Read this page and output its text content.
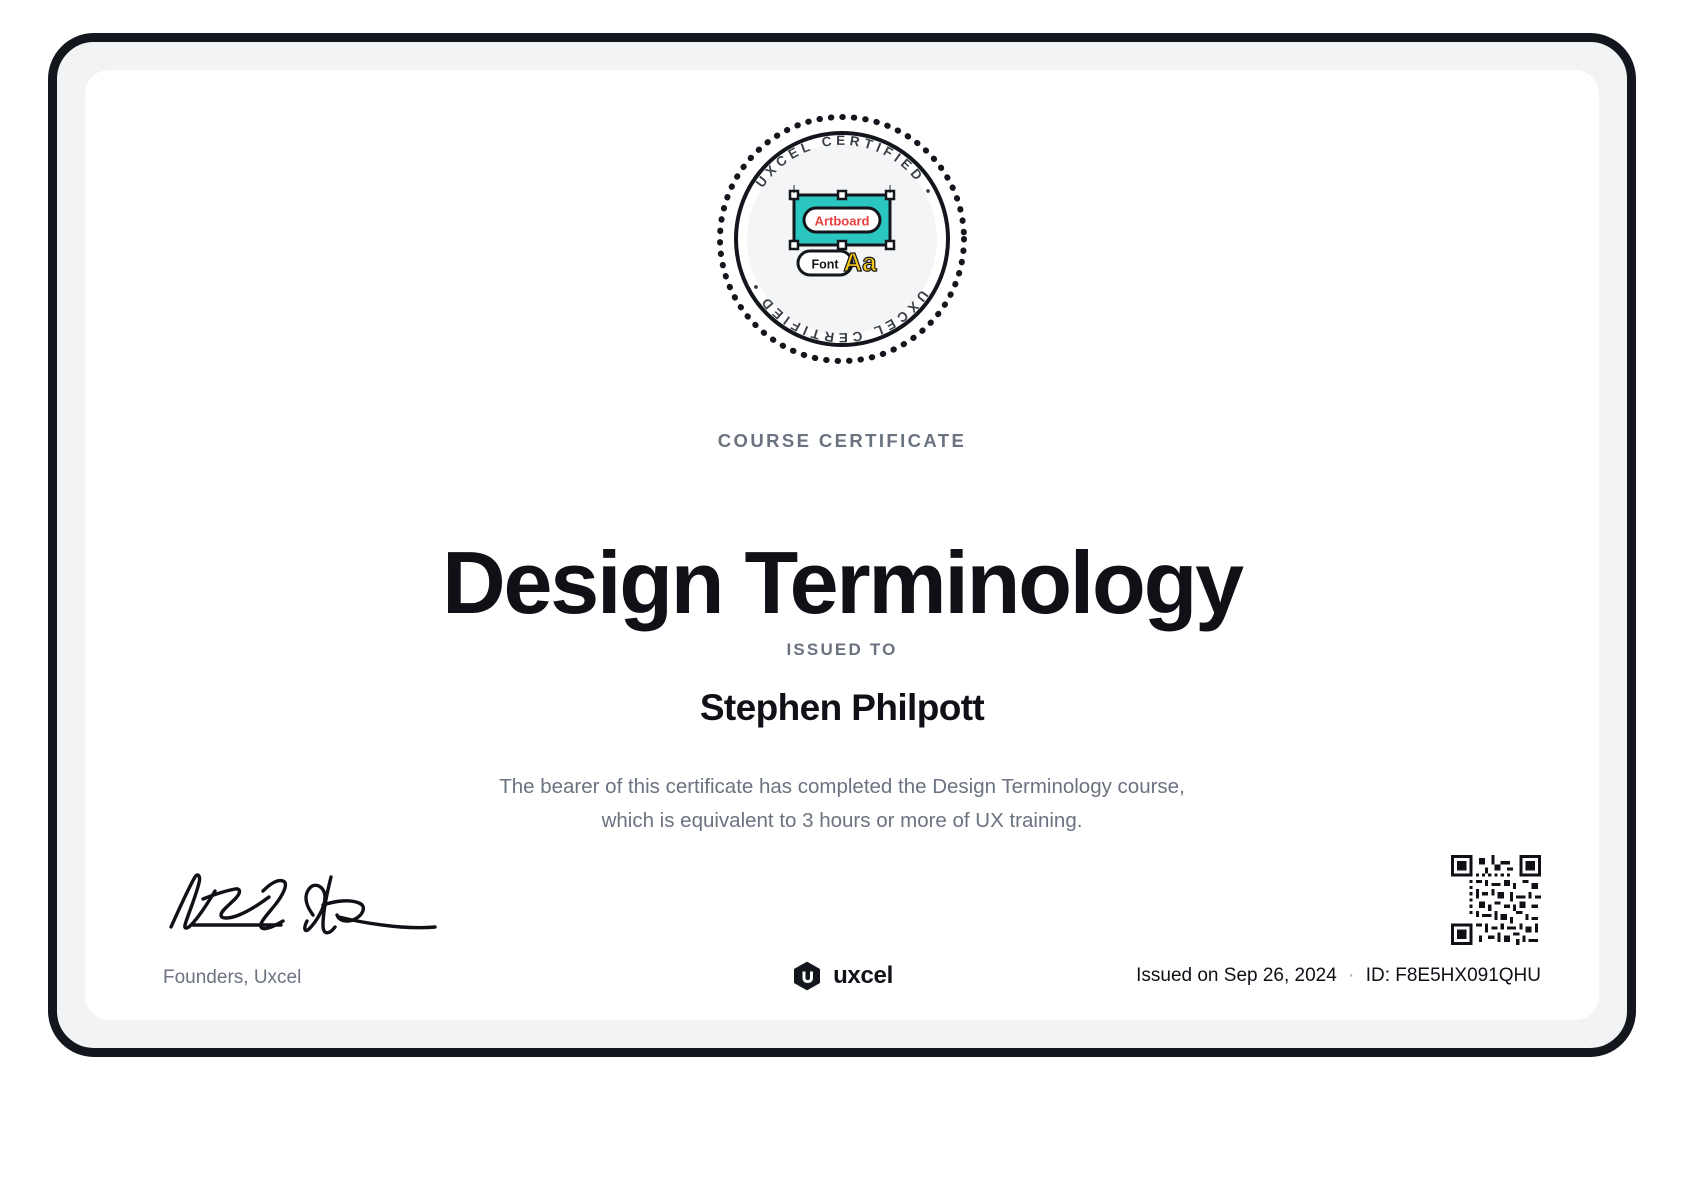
UXCEL CERTIFIED •
UXCEL CERTIFIED •
Artboard
Font Aa
COURSE CERTIFICATE
Design Terminology
ISSUED TO
Stephen Philpott
The bearer of this certificate has completed the Design Terminology course,
which is equivalent to 3 hours or more of UX training.
Founders, Uxcel	uxcel	Issued on Sep 26, 2024 · ID: F8E5HX091QHU
